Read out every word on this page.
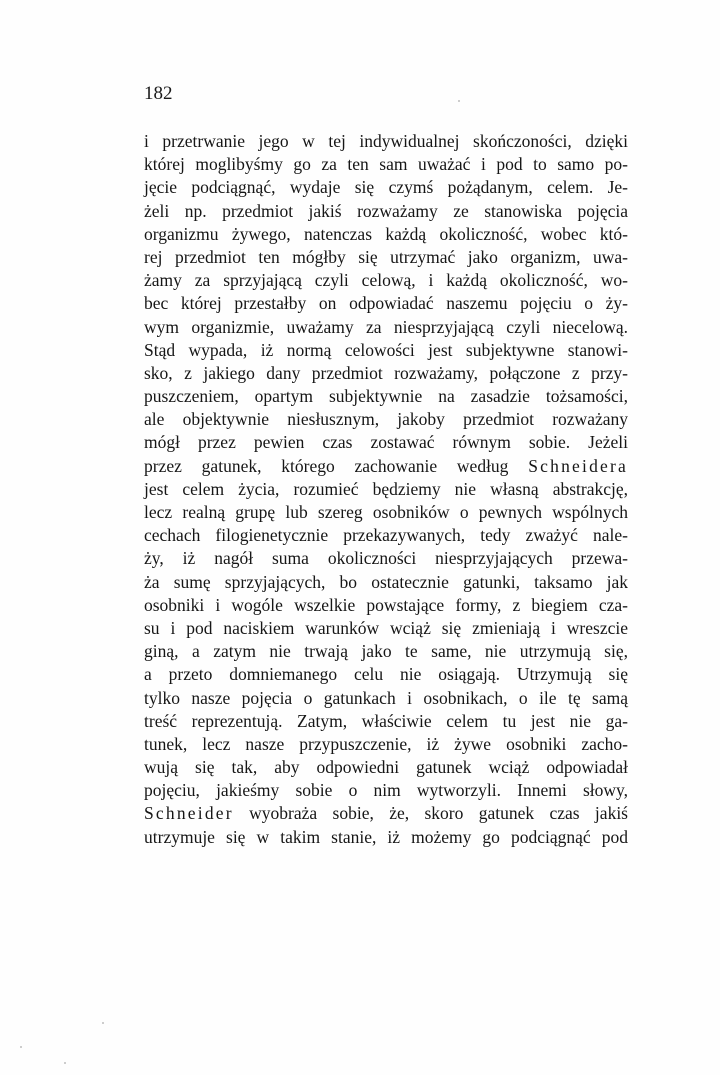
182
i przetrwanie jego w tej indywidualnej skończoności, dzięki
której moglibyśmy go za ten sam uważać i pod to samo po-
jęcie podciągnąć, wydaje się czymś pożądanym, celem. Je-
żeli np. przedmiot jakiś rozważamy ze stanowiska pojęcia
organizmu żywego, natenczas każdą okoliczność, wobec któ-
rej przedmiot ten mógłby się utrzymać jako organizm, uwa-
żamy za sprzyjającą czyli celową, i każdą okoliczność, wo-
bec której przestałby on odpowiadać naszemu pojęciu o ży-
wym organizmie, uważamy za niesprzyjającą czyli niecelową.
Stąd wypada, iż normą celowości jest subjektywne stanowi-
sko, z jakiego dany przedmiot rozważamy, połączone z przy-
puszczeniem, opartym subjektywnie na zasadzie tożsamości,
ale objektywnie niesłusznym, jakoby przedmiot rozważany
mógł przez pewien czas zostawać równym sobie. Jeżeli
przez gatunek, którego zachowanie według Schneidera
jest celem życia, rozumieć będziemy nie własną abstrakcję,
lecz realną grupę lub szereg osobników o pewnych wspólnych
cechach filogienetycznie przekazywanych, tedy zważyć nale-
ży, iż nagół suma okoliczności niesprzyjających przewa-
ża sumę sprzyjających, bo ostatecznie gatunki, taksamo jak
osobniki i wogóle wszelkie powstające formy, z biegiem cza-
su i pod naciskiem warunków wciąż się zmieniają i wreszcie
giną, a zatym nie trwają jako te same, nie utrzymują się,
a przeto domniemanego celu nie osiągają. Utrzymują się
tylko nasze pojęcia o gatunkach i osobnikach, o ile tę samą
treść reprezentują. Zatym, właściwie celem tu jest nie ga-
tunek, lecz nasze przypuszczenie, iż żywe osobniki zacho-
wują się tak, aby odpowiedni gatunek wciąż odpowiadał
pojęciu, jakieśmy sobie o nim wytworzyli. Innemi słowy,
Schneider wyobraża sobie, że, skoro gatunek czas jakiś
utrzymuje się w takim stanie, iż możemy go podciągnąć pod
